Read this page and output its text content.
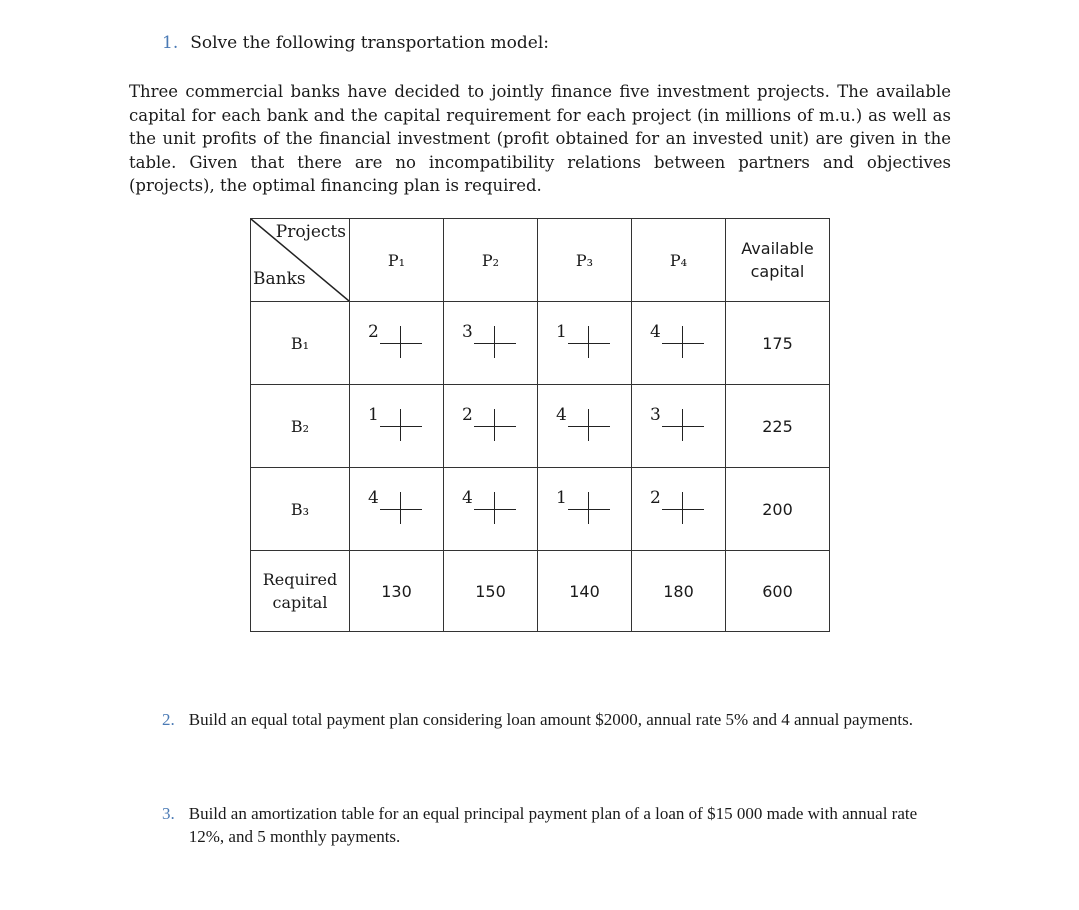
1. Solve the following transportation model:
Three commercial banks have decided to jointly finance five investment projects. The available capital for each bank and the capital requirement for each project (in millions of m.u.) as well as the unit profits of the financial investment (profit obtained for an invested unit) are given in the table. Given that there are no incompatibility relations between partners and objectives (projects), the optimal financing plan is required.
Projects
Banks	P₁	P₂	P₃	P₄	Available capital
B₁	2	3	1	4	175
B₂	1	2	4	3	225
B₃	4	4	1	2	200
Required capital	130	150	140	180	600
2. Build an equal total payment plan considering loan amount $2000, annual rate 5% and 4 annual payments.
3. Build an amortization table for an equal principal payment plan of a loan of $15 000 made with annual rate 12%, and 5 monthly payments.
